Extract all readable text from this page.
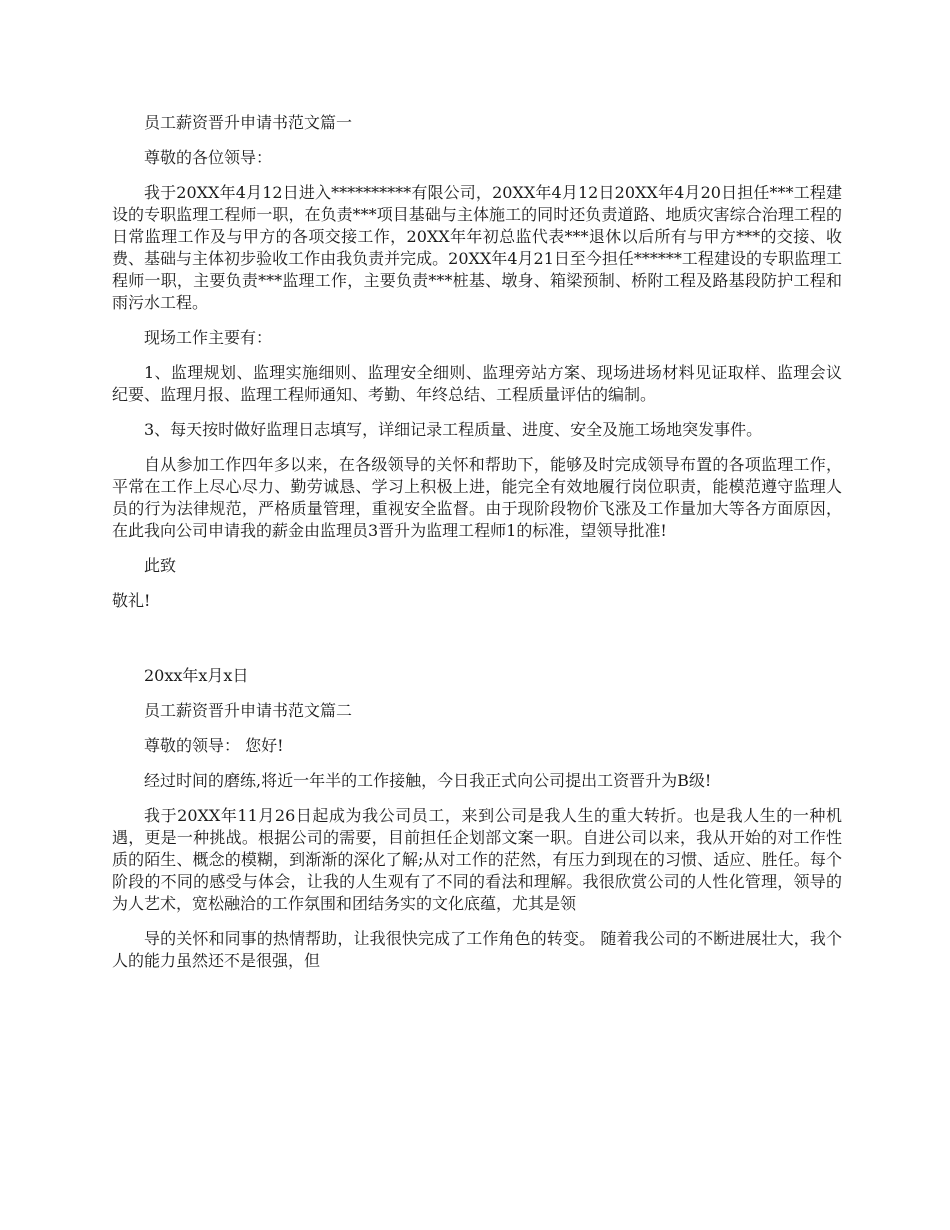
员工薪资晋升申请书范文篇一

尊敬的各位领导：

我于20XX年4月12日进入**********有限公司，20XX年4月12日20XX年4月20日担任***工程建设的专职监理工程师一职，在负责***项目基础与主体施工的同时还负责道路、地质灾害综合治理工程的日常监理工作及与甲方的各项交接工作，20XX年年初总监代表***退休以后所有与甲方***的交接、收费、基础与主体初步验收工作由我负责并完成。20XX年4月21日至今担任******工程建设的专职监理工程师一职，主要负责***监理工作，主要负责***桩基、墩身、箱梁预制、桥附工程及路基段防护工程和雨污水工程。

现场工作主要有：

1、监理规划、监理实施细则、监理安全细则、监理旁站方案、现场进场材料见证取样、监理会议纪要、监理月报、监理工程师通知、考勤、年终总结、工程质量评估的编制。

3、每天按时做好监理日志填写，详细记录工程质量、进度、安全及施工场地突发事件。

自从参加工作四年多以来，在各级领导的关怀和帮助下，能够及时完成领导布置的各项监理工作，平常在工作上尽心尽力、勤劳诚恳、学习上积极上进，能完全有效地履行岗位职责，能模范遵守监理人员的行为法律规范，严格质量管理，重视安全监督。由于现阶段物价飞涨及工作量加大等各方面原因，在此我向公司申请我的薪金由监理员3晋升为监理工程师1的标准，望领导批准!

此致

敬礼!

20xx年x月x日

员工薪资晋升申请书范文篇二

尊敬的领导： 您好!

经过时间的磨练,将近一年半的工作接触，今日我正式向公司提出工资晋升为B级!

我于20XX年11月26日起成为我公司员工，来到公司是我人生的重大转折。也是我人生的一种机遇，更是一种挑战。根据公司的需要，目前担任企划部文案一职。自进公司以来，我从开始的对工作性质的陌生、概念的模糊，到渐渐的深化了解;从对工作的茫然，有压力到现在的习惯、适应、胜任。每个阶段的不同的感受与体会，让我的人生观有了不同的看法和理解。我很欣赏公司的人性化管理，领导的为人艺术，宽松融洽的工作氛围和团结务实的文化底蕴，尤其是领

导的关怀和同事的热情帮助，让我很快完成了工作角色的转变。 随着我公司的不断进展壮大，我个人的能力虽然还不是很强，但
